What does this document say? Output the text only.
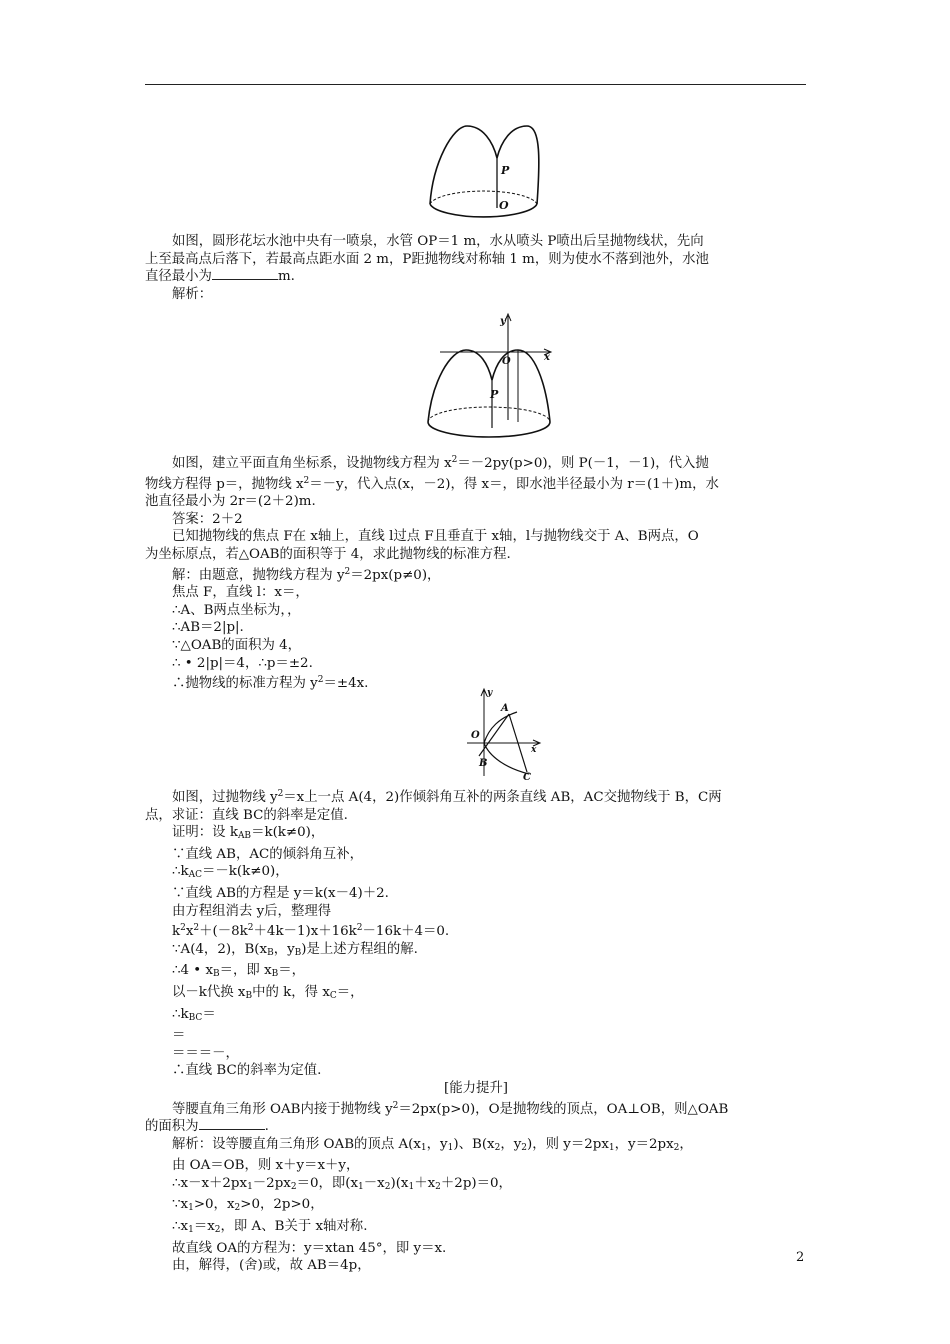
P
O

如图，圆形花坛水池中央有一喷泉，水管 OP＝1 m，水从喷头 P喷出后呈抛物线状，先向

上至最高点后落下，若最高点距水面 2 m，P距抛物线对称轴 1 m，则为使水不落到池外，水池

直径最小为	m.

解析：

y
x
O
P

如图，建立平面直角坐标系，设抛物线方程为 $x^2=-2py(p>0)$，则 P(－1，－1)，代入抛

物线方程得 p＝，抛物线 $x^2=-y$，代入点(x，－2)，得 x＝，即水池半径最小为 r＝(1＋)m，水

池直径最小为 2r＝(2＋2)m.

答案：2＋2

已知抛物线的焦点 F在 x轴上，直线 l过点 F且垂直于 x轴，l与抛物线交于 A、B两点，O

为坐标原点，若△OAB的面积等于 4，求此抛物线的标准方程.

解：由题意，抛物线方程为 $y^2=2px(p\ne 0)$，

焦点 F，直线 l：x＝，

∴A、B两点坐标为，，

∴AB＝2|p|.

∵△OAB的面积为 4，

∴ • 2|p|＝4，∴p＝±2.

∴抛物线的标准方程为 $y^2=\pm 4x$.

y
x
O
A
B
C

如图，过抛物线 $y^2=x$上一点 A(4，2)作倾斜角互补的两条直线 AB，AC交抛物线于 B，C两

点，求证：直线 BC的斜率是定值.

证明：设 $k_{AB}=k(k\ne 0)$，

∵直线 AB，AC的倾斜角互补，

$\therefore k_{AC}=-k(k\ne 0)$，

∵直线 AB的方程是 y＝k(x－4)＋2.

由方程组消去 y后，整理得

$k^2x^2+(-8k^2+4k-1)x+16k^2-16k+4=0$.

∵A(4，2)，$B(x_B$，$y_B$)是上述方程组的解.

∴4 • $x_B=$，即 $x_B=$，

以－k代换 $x_B$中的 k，得 $x_C=$，

$\therefore k_{BC}=$

＝

＝＝＝－，

∴直线 BC的斜率为定值.

[能力提升]

等腰直角三角形 OAB内接于抛物线 $y^2=2px(p>0)$，O是抛物线的顶点，OA⊥OB，则△OAB

的面积为	.

解析：设等腰直角三角形 OAB的顶点 $A(x_1$，$y_1$)、$B(x_2$，$y_2$)，则 $y=2px_1$，$y=2px_2$，

由 OA＝OB，则 x＋y＝x＋y，

$\therefore x-x+2px_1-2px_2=0$，即$(x_1-x_2)(x_1+x_2+2p)=0$，

$\because x_1>0$，$x_2>0$，2p>0，

$\therefore x_1=x_2$，即 A、B关于 x轴对称.

故直线 OA的方程为：y＝xtan 45°，即 y＝x.

由，解得，(舍)或，故 AB＝4p，

2
